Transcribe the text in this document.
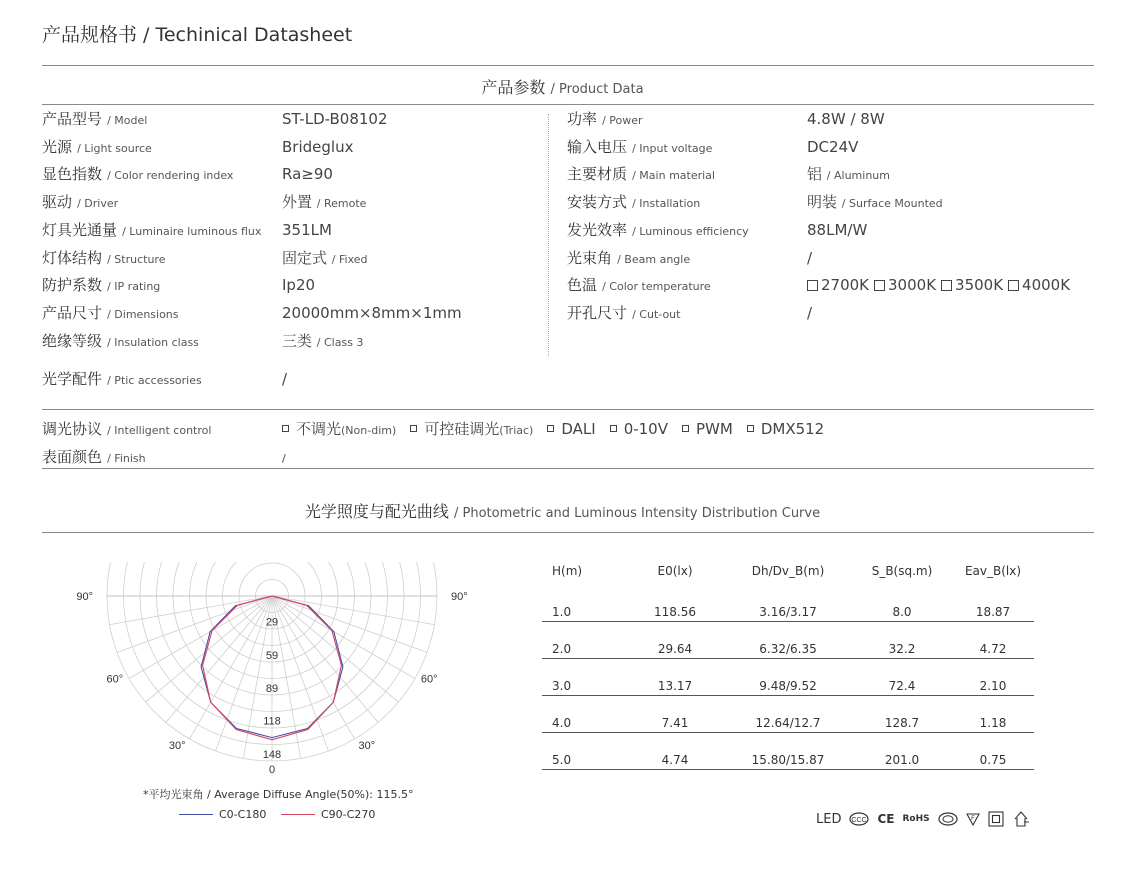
产品规格书 / Techinical Datasheet
产品参数 / Product Data
产品型号 / Model	ST-LD-B08102
光源 / Light source	Brideglux
显色指数 / Color rendering index	Ra≥90
驱动 / Driver	外置 / Remote
灯具光通量 / Luminaire luminous flux	351LM
灯体结构 / Structure	固定式 / Fixed
防护系数 / IP rating	Ip20
产品尺寸 / Dimensions	20000mm×8mm×1mm
绝缘等级 / Insulation class	三类 / Class 3
功率 / Power	4.8W / 8W
输入电压 / Input voltage	DC24V
主要材质 / Main material	铝 / Aluminum
安装方式 / Installation	明装 / Surface Mounted
发光效率 / Luminous efficiency	88LM/W
光束角 / Beam angle	/
色温 / Color temperature	2700K 3000K 3500K 4000K
开孔尺寸 / Cut-out	/
光学配件 / Ptic accessories	/
调光协议 / Intelligent control	不调光(Non-dim) 可控硅调光(Triac) DALI 0-10V PWM DMX512
表面颜色 / Finish	/
光学照度与配光曲线 / Photometric and Luminous Intensity Distribution Curve
29
59
89
118
148
90°	90°
60°	60°
30°	30°
0
*平均光束角 / Average Diffuse Angle(50%): 115.5°
C0-C180	C90-C270
H(m)	E0(lx)	Dh/Dv_B(m)	S_B(sq.m)	Eav_B(lx)
1.0	118.56	3.16/3.17	8.0	18.87
2.0	29.64	6.32/6.35	32.2	4.72
3.0	13.17	9.48/9.52	72.4	2.10
4.0	7.41	12.64/12.7	128.7	1.18
5.0	4.74	15.80/15.87	201.0	0.75
LED CCC CE RoHS	F
